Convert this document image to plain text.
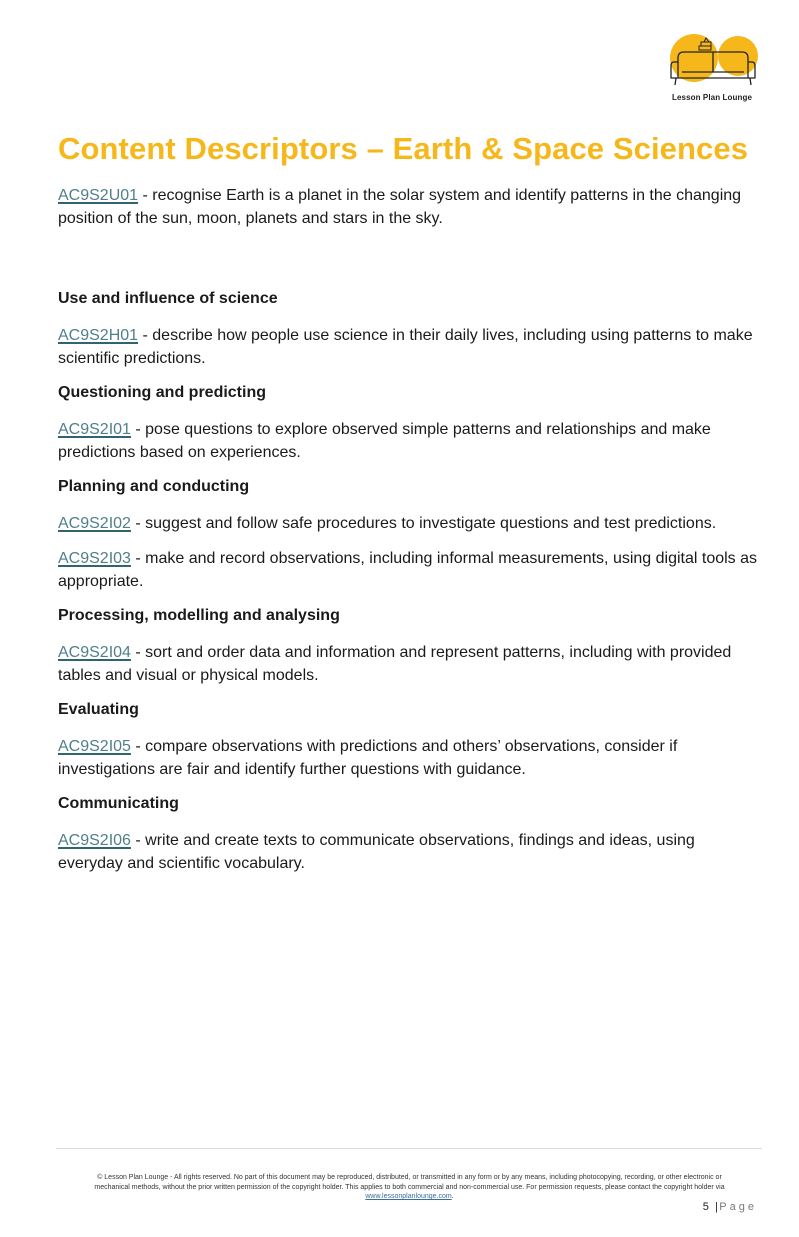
Lesson Plan Lounge
Content Descriptors – Earth & Space Sciences

AC9S2U01 - recognise Earth is a planet in the solar system and identify patterns in the changing position of the sun, moon, planets and stars in the sky.

Use and influence of science

AC9S2H01 - describe how people use science in their daily lives, including using patterns to make scientific predictions.

Questioning and predicting

AC9S2I01 - pose questions to explore observed simple patterns and relationships and make predictions based on experiences.

Planning and conducting

AC9S2I02 - suggest and follow safe procedures to investigate questions and test predictions.

AC9S2I03 - make and record observations, including informal measurements, using digital tools as appropriate.

Processing, modelling and analysing

AC9S2I04 - sort and order data and information and represent patterns, including with provided tables and visual or physical models.

Evaluating

AC9S2I05 - compare observations with predictions and others’ observations, consider if investigations are fair and identify further questions with guidance.

Communicating

AC9S2I06 - write and create texts to communicate observations, findings and ideas, using everyday and scientific vocabulary.

© Lesson Plan Lounge - All rights reserved. No part of this document may be reproduced, distributed, or transmitted in any form or by any means, including photocopying, recording, or other electronic or
mechanical methods, without the prior written permission of the copyright holder. This applies to both commercial and non-commercial use. For permission requests, please contact the copyright holder via
www.lessonplanlounge.com.
5 |Page
